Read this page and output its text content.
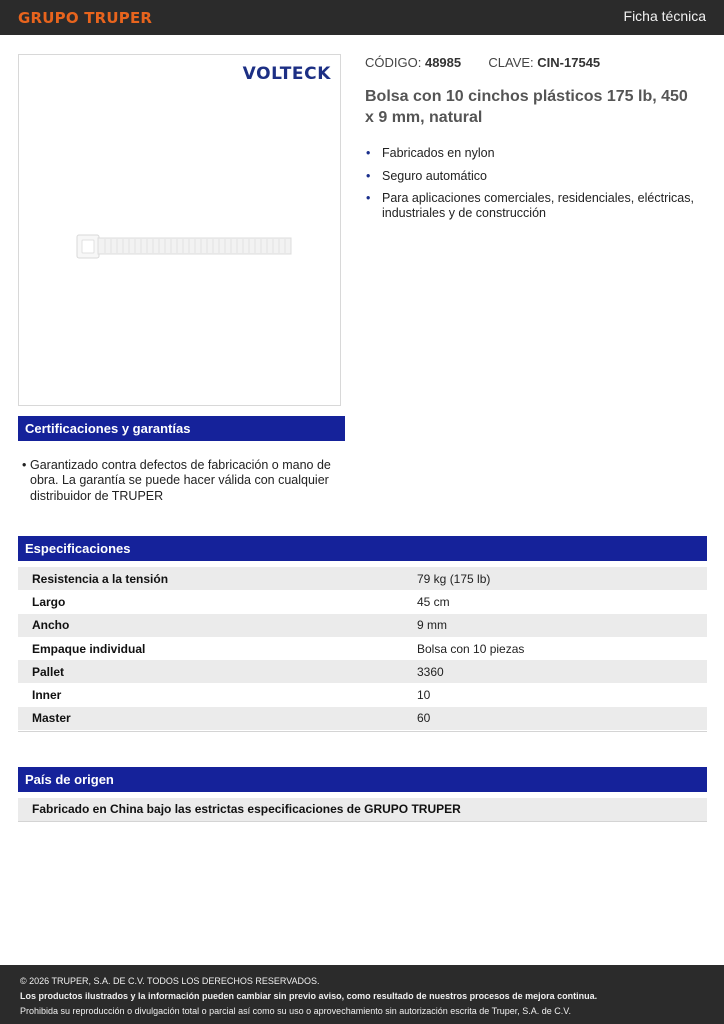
GRUPO TRUPER	Ficha técnica
VOLTECK
CÓDIGO: 48985 CLAVE: CIN-17545
Bolsa con 10 cinchos plásticos 175 lb, 450 x 9 mm, natural
• Fabricados en nylon
• Seguro automático
• Para aplicaciones comerciales, residenciales, eléctricas, industriales y de construcción
Certificaciones y garantías
• Garantizado contra defectos de fabricación o mano de obra. La garantía se puede hacer válida con cualquier distribuidor de TRUPER
Especificaciones
Resistencia a la tensión	79 kg (175 lb)
Largo	45 cm
Ancho	9 mm
Empaque individual	Bolsa con 10 piezas
Pallet	3360
Inner	10
Master	60
País de origen
Fabricado en China bajo las estrictas especificaciones de GRUPO TRUPER
© 2026 TRUPER, S.A. DE C.V. TODOS LOS DERECHOS RESERVADOS.
Los productos ilustrados y la información pueden cambiar sin previo aviso, como resultado de nuestros procesos de mejora continua.
Prohibida su reproducción o divulgación total o parcial así como su uso o aprovechamiento sin autorización escrita de Truper, S.A. de C.V.
